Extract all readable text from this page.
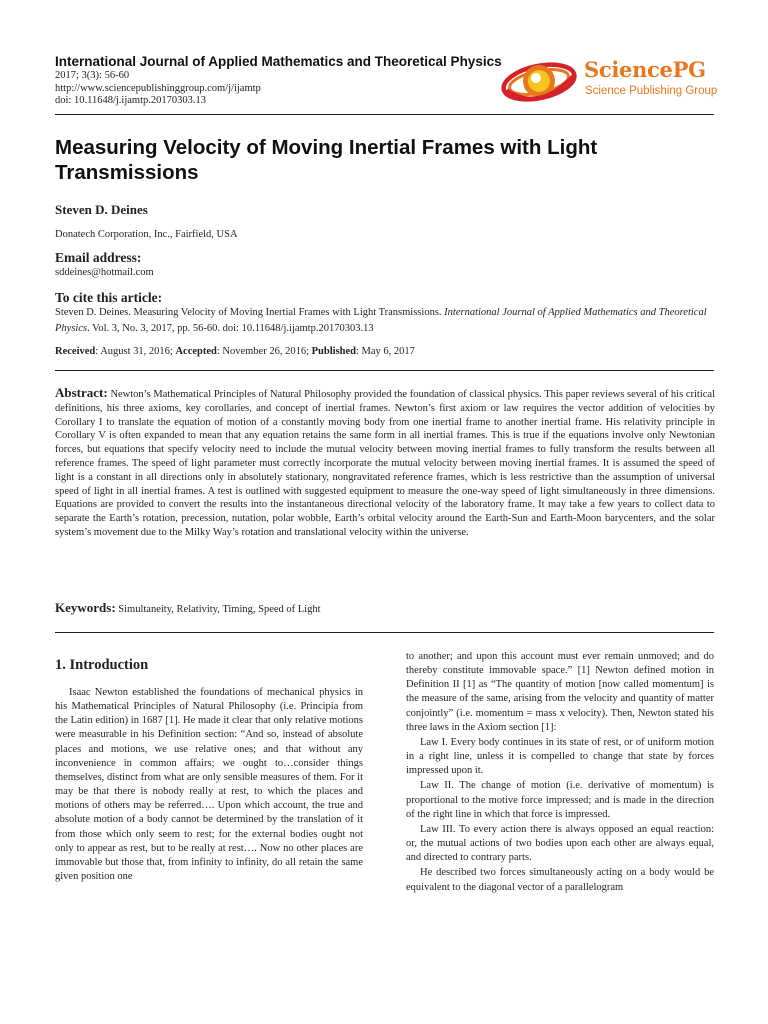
International Journal of Applied Mathematics and Theoretical Physics
2017; 3(3): 56-60
http://www.sciencepublishinggroup.com/j/ijamtp
doi: 10.11648/j.ijamtp.20170303.13
SciencePG
Science Publishing Group
Measuring Velocity of Moving Inertial Frames with Light Transmissions
Steven D. Deines
Donatech Corporation, Inc., Fairfield, USA
Email address:
sddeines@hotmail.com
To cite this article:
Steven D. Deines. Measuring Velocity of Moving Inertial Frames with Light Transmissions. International Journal of Applied Mathematics and Theoretical Physics. Vol. 3, No. 3, 2017, pp. 56-60. doi: 10.11648/j.ijamtp.20170303.13
Received: August 31, 2016; Accepted: November 26, 2016; Published: May 6, 2017
Abstract: Newton’s Mathematical Principles of Natural Philosophy provided the foundation of classical physics. This paper reviews several of his critical definitions, his three axioms, key corollaries, and concept of inertial frames. Newton’s first axiom or law requires the vector addition of velocities by Corollary I to translate the equation of motion of a constantly moving body from one inertial frame to another inertial frame. His relativity principle in Corollary V is often expanded to mean that any equation retains the same form in all inertial frames. This is true if the equations involve only Newtonian forces, but equations that specify velocity need to include the mutual velocity between moving inertial frames to fully transform the results between all reference frames. The speed of light parameter must correctly incorporate the mutual velocity between moving inertial frames. It is assumed the speed of light is a constant in all directions only in absolutely stationary, nongravitated reference frames, which is less restrictive than the assumption of universal speed of light in all inertial frames. A test is outlined with suggested equipment to measure the one-way speed of light simultaneously in three dimensions. Equations are provided to convert the results into the instantaneous directional velocity of the laboratory frame. It may take a few years to collect data to separate the Earth’s rotation, precession, nutation, polar wobble, Earth’s orbital velocity around the Earth-Sun and Earth-Moon barycenters, and the solar system’s movement due to the Milky Way’s rotation and translational velocity within the universe.
Keywords: Simultaneity, Relativity, Timing, Speed of Light
1. Introduction

Isaac Newton established the foundations of mechanical physics in his Mathematical Principles of Natural Philosophy (i.e. Principia from the Latin edition) in 1687 [1]. He made it clear that only relative motions were measurable in his Definition section: “And so, instead of absolute places and motions, we use relative ones; and that without any inconvenience in common affairs; we ought to…consider things themselves, distinct from what are only sensible measures of them. For it may be that there is nobody really at rest, to which the places and motions of others may be referred…. Upon which account, the true and absolute motion of a body cannot be determined by the translation of it from those which only seem to rest; for the external bodies ought not only to appear as rest, but to be really at rest…. Now no other places are immovable but those that, from infinity to infinity, do all retain the same given position one

to another; and upon this account must ever remain unmoved; and do thereby constitute immovable space.” [1] Newton defined motion in Definition II [1] as “The quantity of motion [now called momentum] is the measure of the same, arising from the velocity and quantity of matter conjointly” (i.e. momentum = mass x velocity). Then, Newton stated his three laws in the Axiom section [1]:

Law I. Every body continues in its state of rest, or of uniform motion in a right line, unless it is compelled to change that state by forces impressed upon it.

Law II. The change of motion (i.e. derivative of momentum) is proportional to the motive force impressed; and is made in the direction of the right line in which that force is impressed.

Law III. To every action there is always opposed an equal reaction: or, the mutual actions of two bodies upon each other are always equal, and directed to contrary parts.

He described two forces simultaneously acting on a body would be equivalent to the diagonal vector of a parallelogram
